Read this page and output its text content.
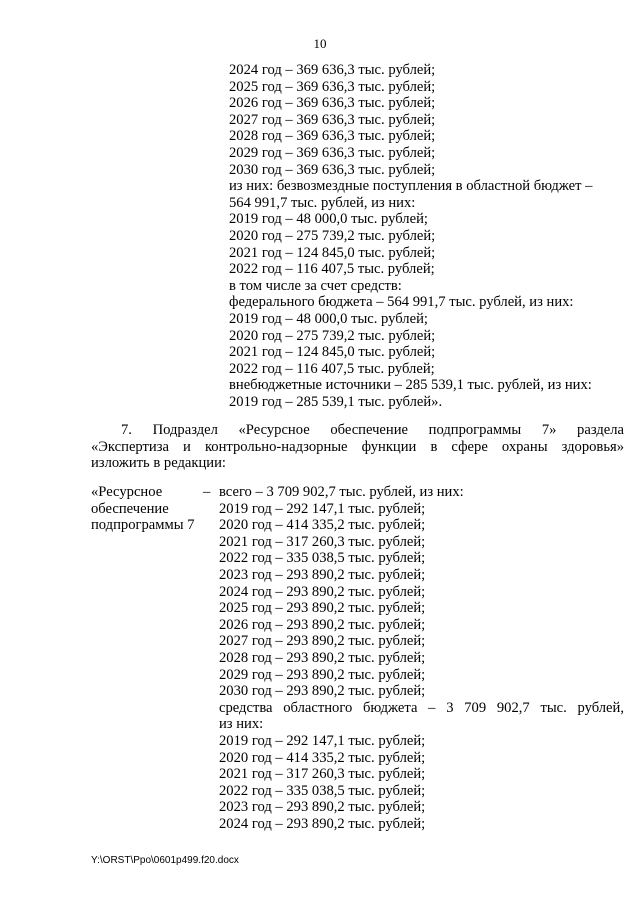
10
2024 год – 369 636,3 тыс. рублей;
2025 год – 369 636,3 тыс. рублей;
2026 год – 369 636,3 тыс. рублей;
2027 год – 369 636,3 тыс. рублей;
2028 год – 369 636,3 тыс. рублей;
2029 год – 369 636,3 тыс. рублей;
2030 год – 369 636,3 тыс. рублей;
из них: безвозмездные поступления в областной бюджет –
564 991,7 тыс. рублей, из них:
2019 год – 48 000,0 тыс. рублей;
2020 год – 275 739,2 тыс. рублей;
2021 год – 124 845,0 тыс. рублей;
2022 год – 116 407,5 тыс. рублей;
в том числе за счет средств:
федерального бюджета – 564 991,7 тыс. рублей, из них:
2019 год – 48 000,0 тыс. рублей;
2020 год – 275 739,2 тыс. рублей;
2021 год – 124 845,0 тыс. рублей;
2022 год – 116 407,5 тыс. рублей;
внебюджетные источники – 285 539,1 тыс. рублей, из них:
2019 год – 285 539,1 тыс. рублей».
7. Подраздел «Ресурсное обеспечение подпрограммы 7» раздела
«Экспертиза и контрольно-надзорные функции в сфере охраны здоровья»
изложить в редакции:
«Ресурсное
обеспечение
подпрограммы 7
– всего – 3 709 902,7 тыс. рублей, из них:
2019 год – 292 147,1 тыс. рублей;
2020 год – 414 335,2 тыс. рублей;
2021 год – 317 260,3 тыс. рублей;
2022 год – 335 038,5 тыс. рублей;
2023 год – 293 890,2 тыс. рублей;
2024 год – 293 890,2 тыс. рублей;
2025 год – 293 890,2 тыс. рублей;
2026 год – 293 890,2 тыс. рублей;
2027 год – 293 890,2 тыс. рублей;
2028 год – 293 890,2 тыс. рублей;
2029 год – 293 890,2 тыс. рублей;
2030 год – 293 890,2 тыс. рублей;
средства областного бюджета – 3 709 902,7 тыс. рублей,
из них:
2019 год – 292 147,1 тыс. рублей;
2020 год – 414 335,2 тыс. рублей;
2021 год – 317 260,3 тыс. рублей;
2022 год – 335 038,5 тыс. рублей;
2023 год – 293 890,2 тыс. рублей;
2024 год – 293 890,2 тыс. рублей;
Y:\ORST\Ppo\0601p499.f20.docx
